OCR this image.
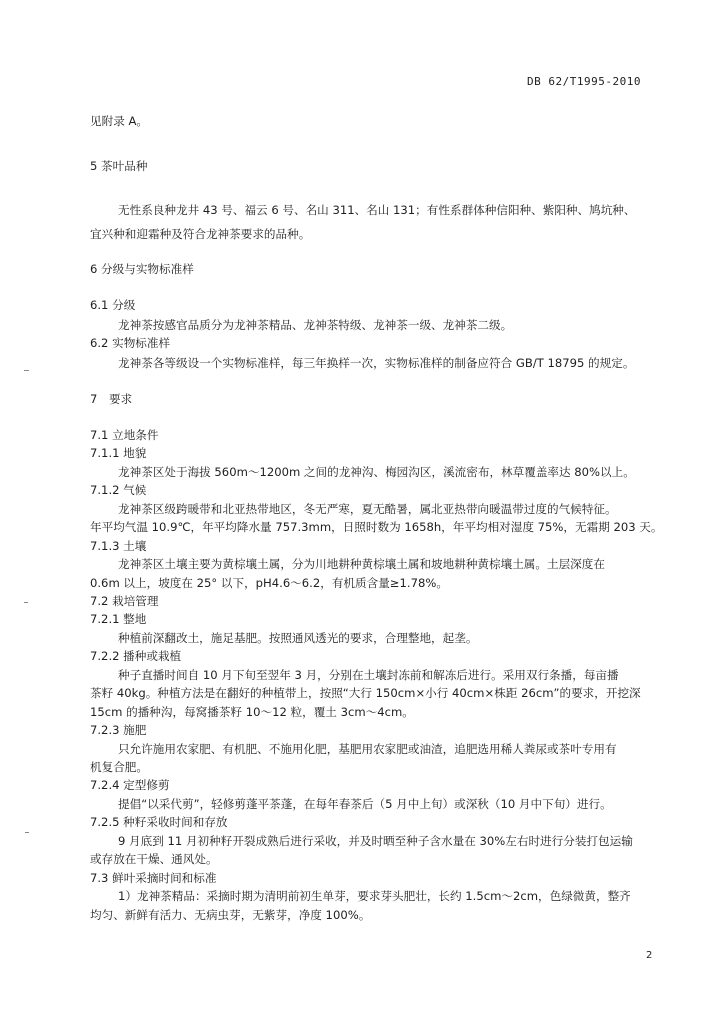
DB 62/T1995-2010
见附录 A。
5 茶叶品种
无性系良种龙井 43 号、福云 6 号、名山 311、名山 131；有性系群体种信阳种、紫阳种、鸠坑种、
宜兴种和迎霜种及符合龙神茶要求的品种。
6 分级与实物标准样
6.1 分级
龙神茶按感官品质分为龙神茶精品、龙神茶特级、龙神茶一级、龙神茶二级。
6.2 实物标准样
龙神茶各等级设一个实物标准样，每三年换样一次，实物标准样的制备应符合 GB/T 18795 的规定。
7　要求
7.1 立地条件
7.1.1 地貌
龙神茶区处于海拔 560m～1200m 之间的龙神沟、梅园沟区，溪流密布，林草覆盖率达 80%以上。
7.1.2 气候
龙神茶区级跨暖带和北亚热带地区，冬无严寒，夏无酷暑，属北亚热带向暖温带过度的气候特征。
年平均气温 10.9℃，年平均降水量 757.3mm，日照时数为 1658h，年平均相对湿度 75%，无霜期 203 天。
7.1.3 土壤
龙神茶区土壤主要为黄棕壤土属，分为川地耕种黄棕壤土属和坡地耕种黄棕壤土属。土层深度在
0.6m 以上，坡度在 25° 以下，pH4.6～6.2，有机质含量≥1.78%。
7.2 栽培管理
7.2.1 整地
种植前深翻改土，施足基肥。按照通风透光的要求，合理整地，起垄。
7.2.2 播种或栽植
种子直播时间自 10 月下旬至翌年 3 月，分别在土壤封冻前和解冻后进行。采用双行条播，每亩播
茶籽 40kg。种植方法是在翻好的种植带上，按照“大行 150cm×小行 40cm×株距 26cm”的要求，开挖深
15cm 的播种沟，每窝播茶籽 10～12 粒，覆土 3cm～4cm。
7.2.3 施肥
只允许施用农家肥、有机肥、不施用化肥，基肥用农家肥或油渣，追肥选用稀人粪尿或茶叶专用有
机复合肥。
7.2.4 定型修剪
提倡“以采代剪”，轻修剪蓬平茶蓬，在每年春茶后（5 月中上旬）或深秋（10 月中下旬）进行。
7.2.5 种籽采收时间和存放
9 月底到 11 月初种籽开裂成熟后进行采收，并及时晒至种子含水量在 30%左右时进行分装打包运输
或存放在干燥、通风处。
7.3 鲜叶采摘时间和标准
1）龙神茶精品：采摘时期为清明前初生单芽，要求芽头肥壮，长约 1.5cm～2cm，色绿微黄，整齐
均匀、新鲜有活力、无病虫芽，无紫芽，净度 100%。
2
